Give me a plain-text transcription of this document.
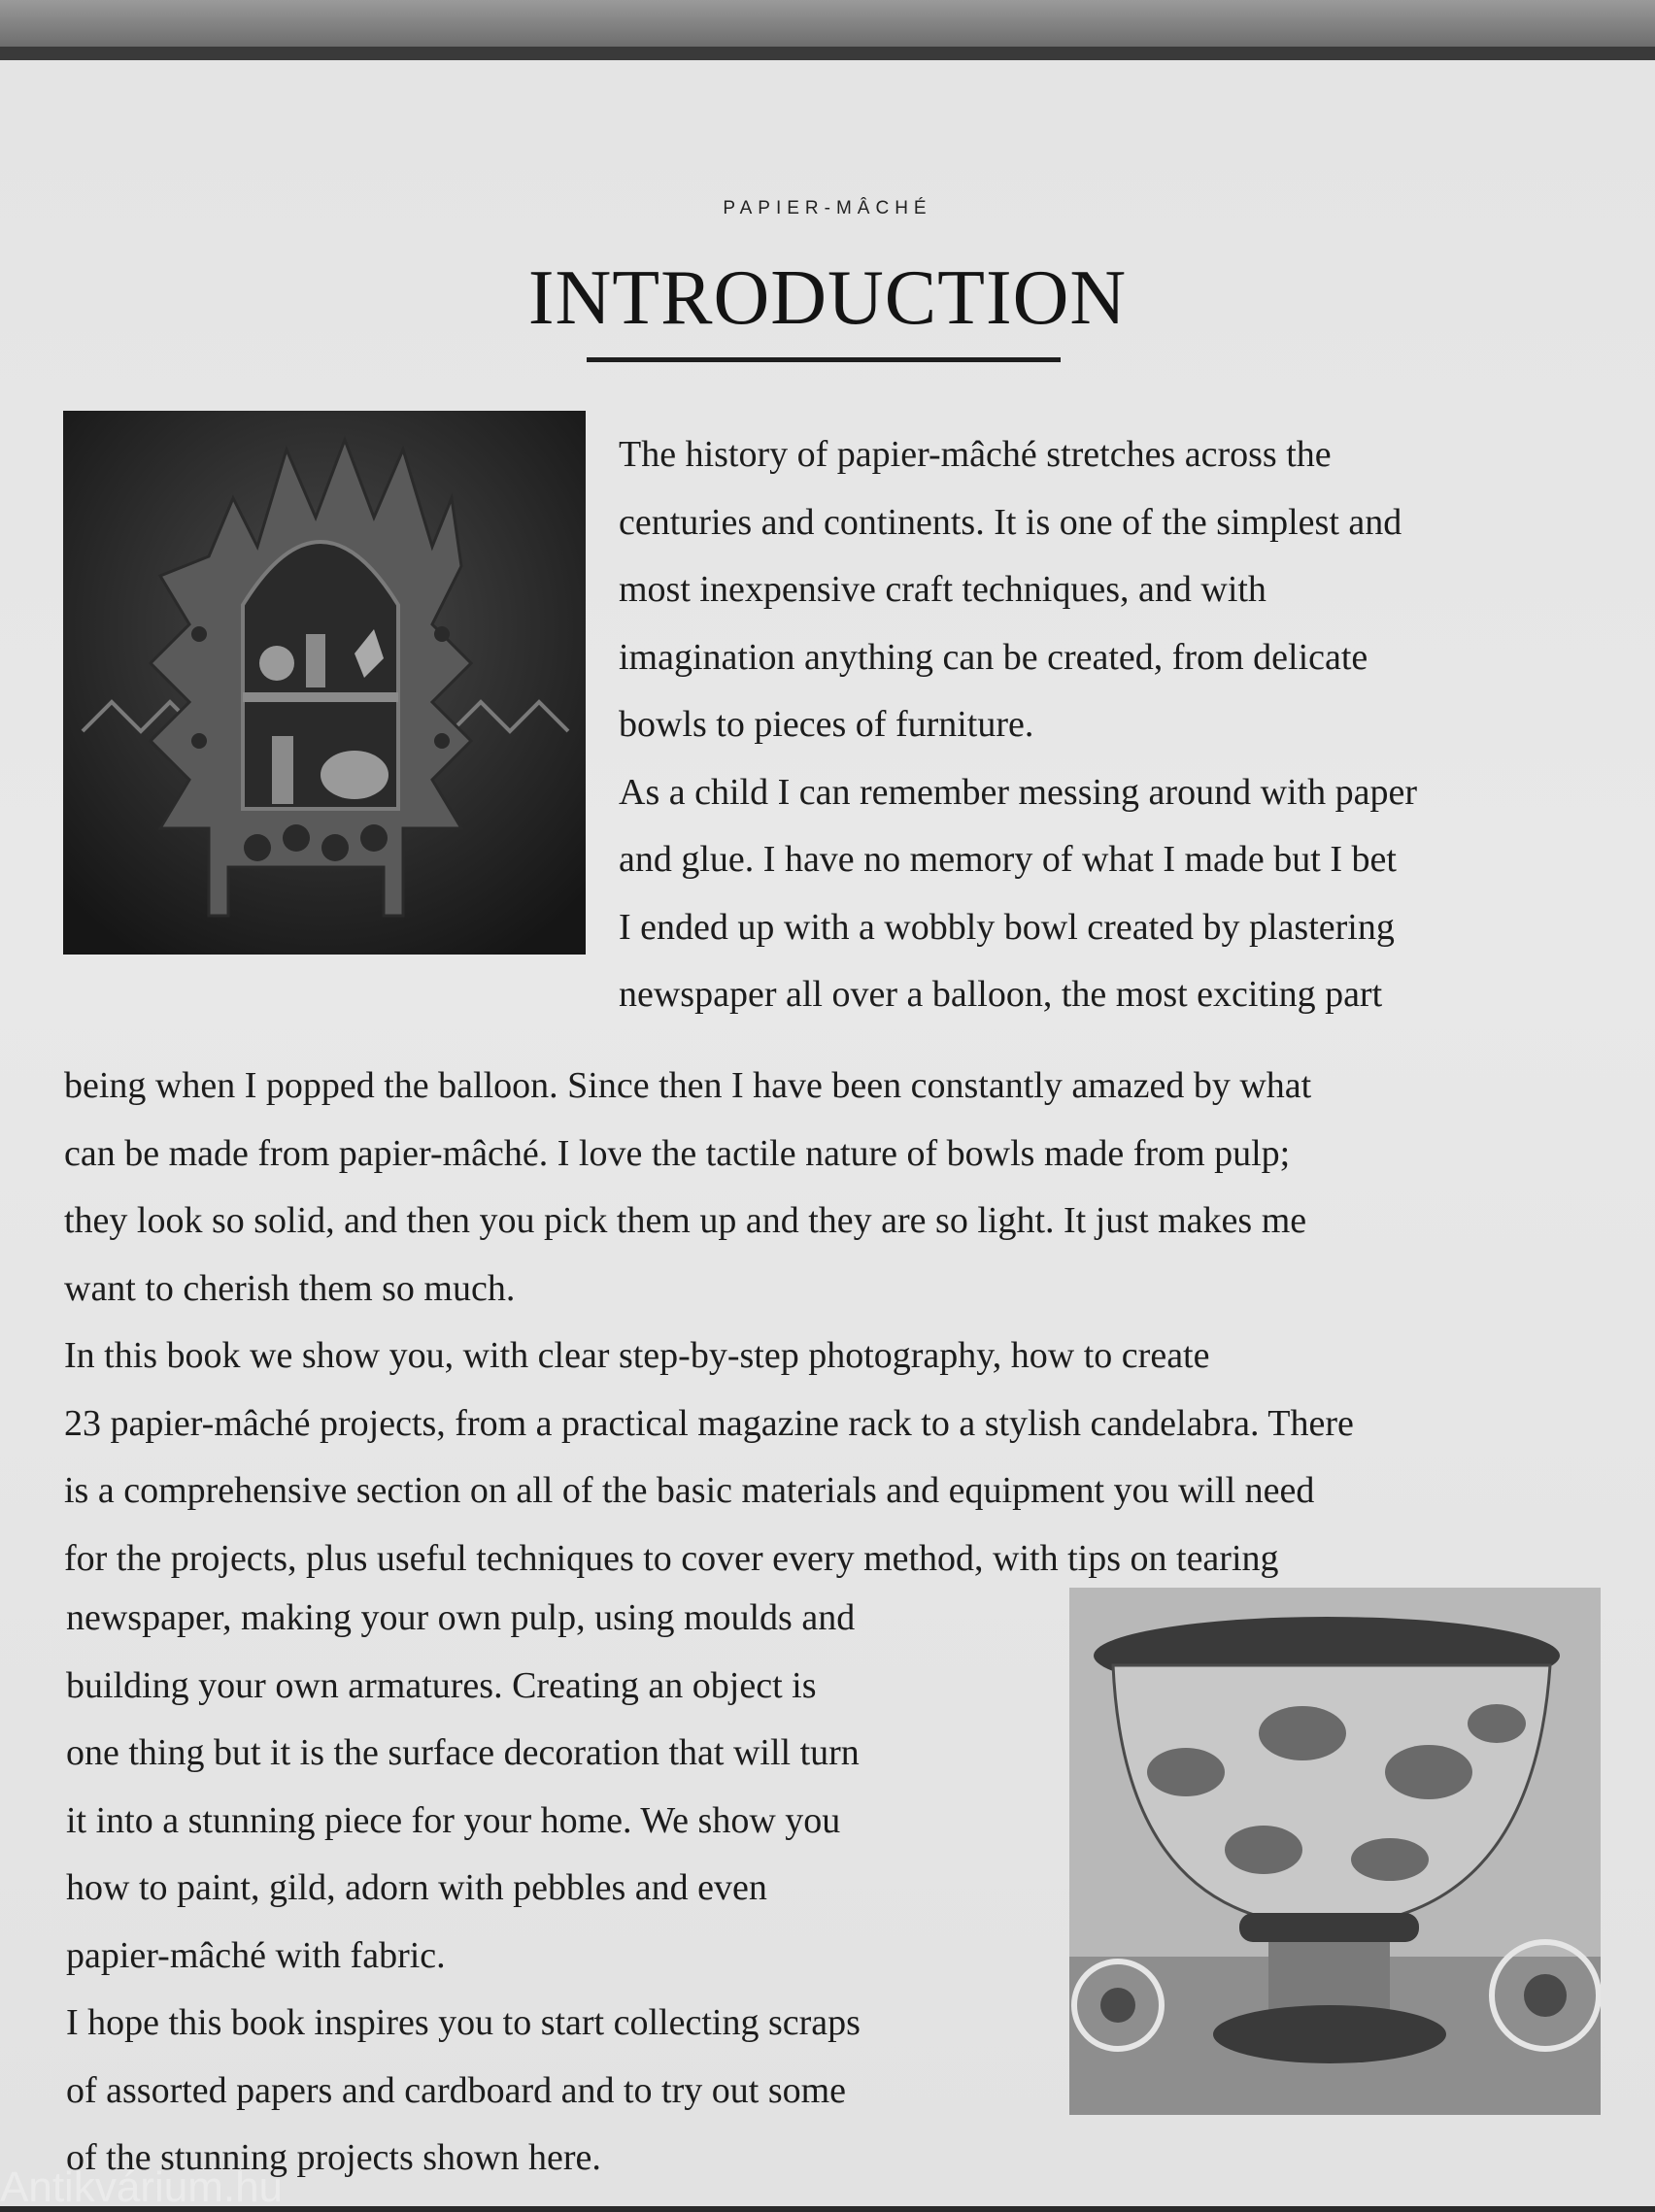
PAPIER-MÂCHÉ
INTRODUCTION
The history of papier-mâché stretches across the
centuries and continents. It is one of the simplest and
most inexpensive craft techniques, and with
imagination anything can be created, from delicate
bowls to pieces of furniture.
As a child I can remember messing around with paper
and glue. I have no memory of what I made but I bet
I ended up with a wobbly bowl created by plastering
newspaper all over a balloon, the most exciting part
being when I popped the balloon. Since then I have been constantly amazed by what
can be made from papier-mâché. I love the tactile nature of bowls made from pulp;
they look so solid, and then you pick them up and they are so light. It just makes me
want to cherish them so much.
In this book we show you, with clear step-by-step photography, how to create
23 papier-mâché projects, from a practical magazine rack to a stylish candelabra. There
is a comprehensive section on all of the basic materials and equipment you will need
for the projects, plus useful techniques to cover every method, with tips on tearing
newspaper, making your own pulp, using moulds and
building your own armatures. Creating an object is
one thing but it is the surface decoration that will turn
it into a stunning piece for your home. We show you
how to paint, gild, adorn with pebbles and even
papier-mâché with fabric.
I hope this book inspires you to start collecting scraps
of assorted papers and cardboard and to try out some
of the stunning projects shown here.
Antikvárium.hu
